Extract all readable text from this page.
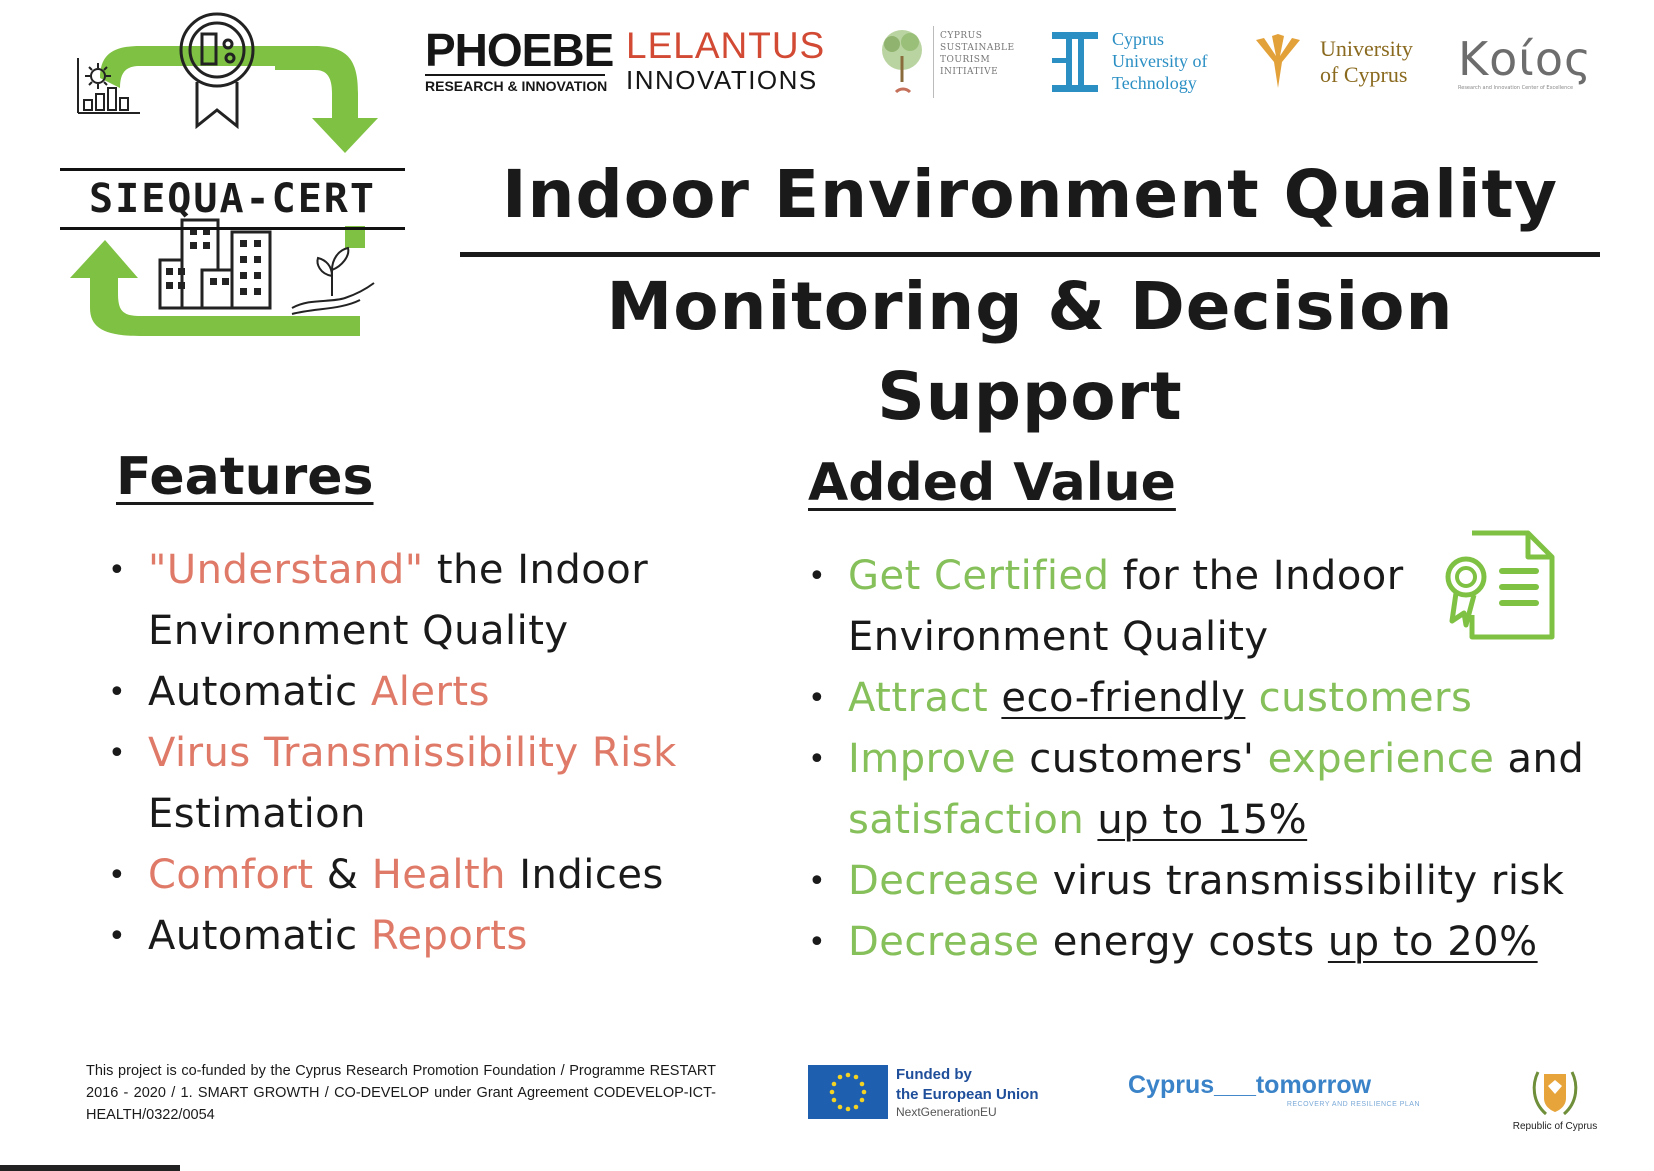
SIEQUA-CERT
PHOEBE
RESEARCH & INNOVATION
LELANTUS
INNOVATIONS
CYPRUS
SUSTAINABLE
TOURISM
INITIATIVE
Cyprus
University of
Technology
University
of Cyprus Kοίος
Research and Innovation Center of Excellence
Indoor Environment Quality
Monitoring & Decision Support
Features
• "Understand" the Indoor Environment Quality
• Automatic Alerts
• Virus Transmissibility Risk Estimation
• Comfort & Health Indices
• Automatic Reports
Added Value
• Get Certified for the Indoor Environment Quality
• Attract eco-friendly customers
• Improve customers' experience and satisfaction up to 15%
• Decrease virus transmissibility risk
• Decrease energy costs up to 20%
This project is co-funded by the Cyprus Research Promotion Foundation / Programme RESTART 2016 - 2020 / 1. SMART GROWTH / CO-DEVELOP under Grant Agreement CODEVELOP-ICT-HEALTH/0322/0054
Funded by
the European Union
NextGenerationEU
Cyprus___tomorrow
RECOVERY AND RESILIENCE PLAN
Republic of Cyprus
